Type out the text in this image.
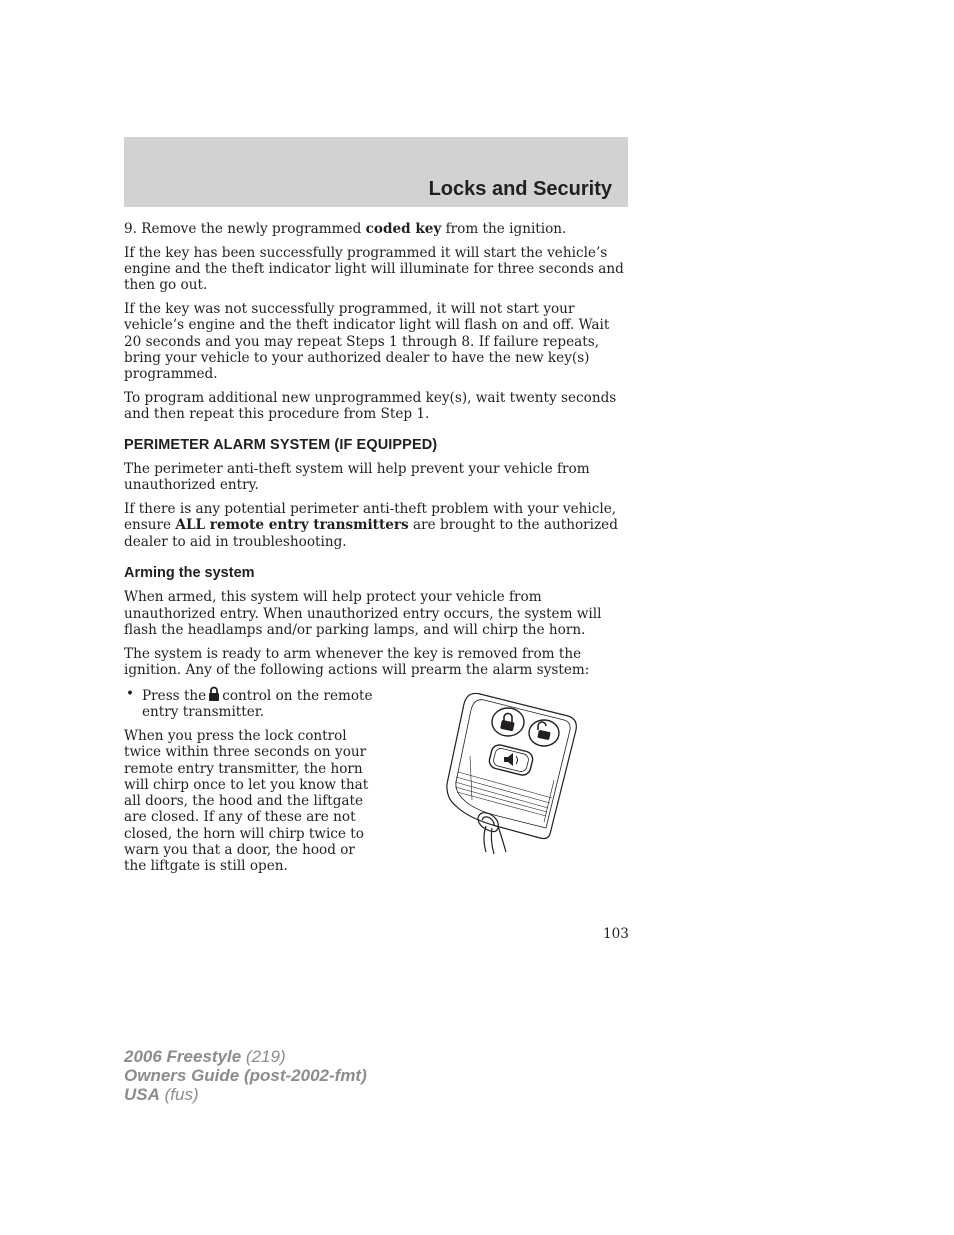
Locks and Security

9. Remove the newly programmed coded key from the ignition.

If the key has been successfully programmed it will start the vehicle’s engine and the theft indicator light will illuminate for three seconds and then go out.

If the key was not successfully programmed, it will not start your vehicle’s engine and the theft indicator light will flash on and off. Wait 20 seconds and you may repeat Steps 1 through 8. If failure repeats, bring your vehicle to your authorized dealer to have the new key(s) programmed.

To program additional new unprogrammed key(s), wait twenty seconds and then repeat this procedure from Step 1.

PERIMETER ALARM SYSTEM (IF EQUIPPED)

The perimeter anti-theft system will help prevent your vehicle from unauthorized entry.

If there is any potential perimeter anti-theft problem with your vehicle, ensure ALL remote entry transmitters are brought to the authorized dealer to aid in troubleshooting.

Arming the system

When armed, this system will help protect your vehicle from unauthorized entry. When unauthorized entry occurs, the system will flash the headlamps and/or parking lamps, and will chirp the horn.

The system is ready to arm whenever the key is removed from the ignition. Any of the following actions will prearm the alarm system:

• Press the control on the remote entry transmitter.

When you press the lock control twice within three seconds on your remote entry transmitter, the horn will chirp once to let you know that all doors, the hood and the liftgate are closed. If any of these are not closed, the horn will chirp twice to warn you that a door, the hood or the liftgate is still open.

103
2006 Freestyle (219)
Owners Guide (post-2002-fmt)
USA (fus)
